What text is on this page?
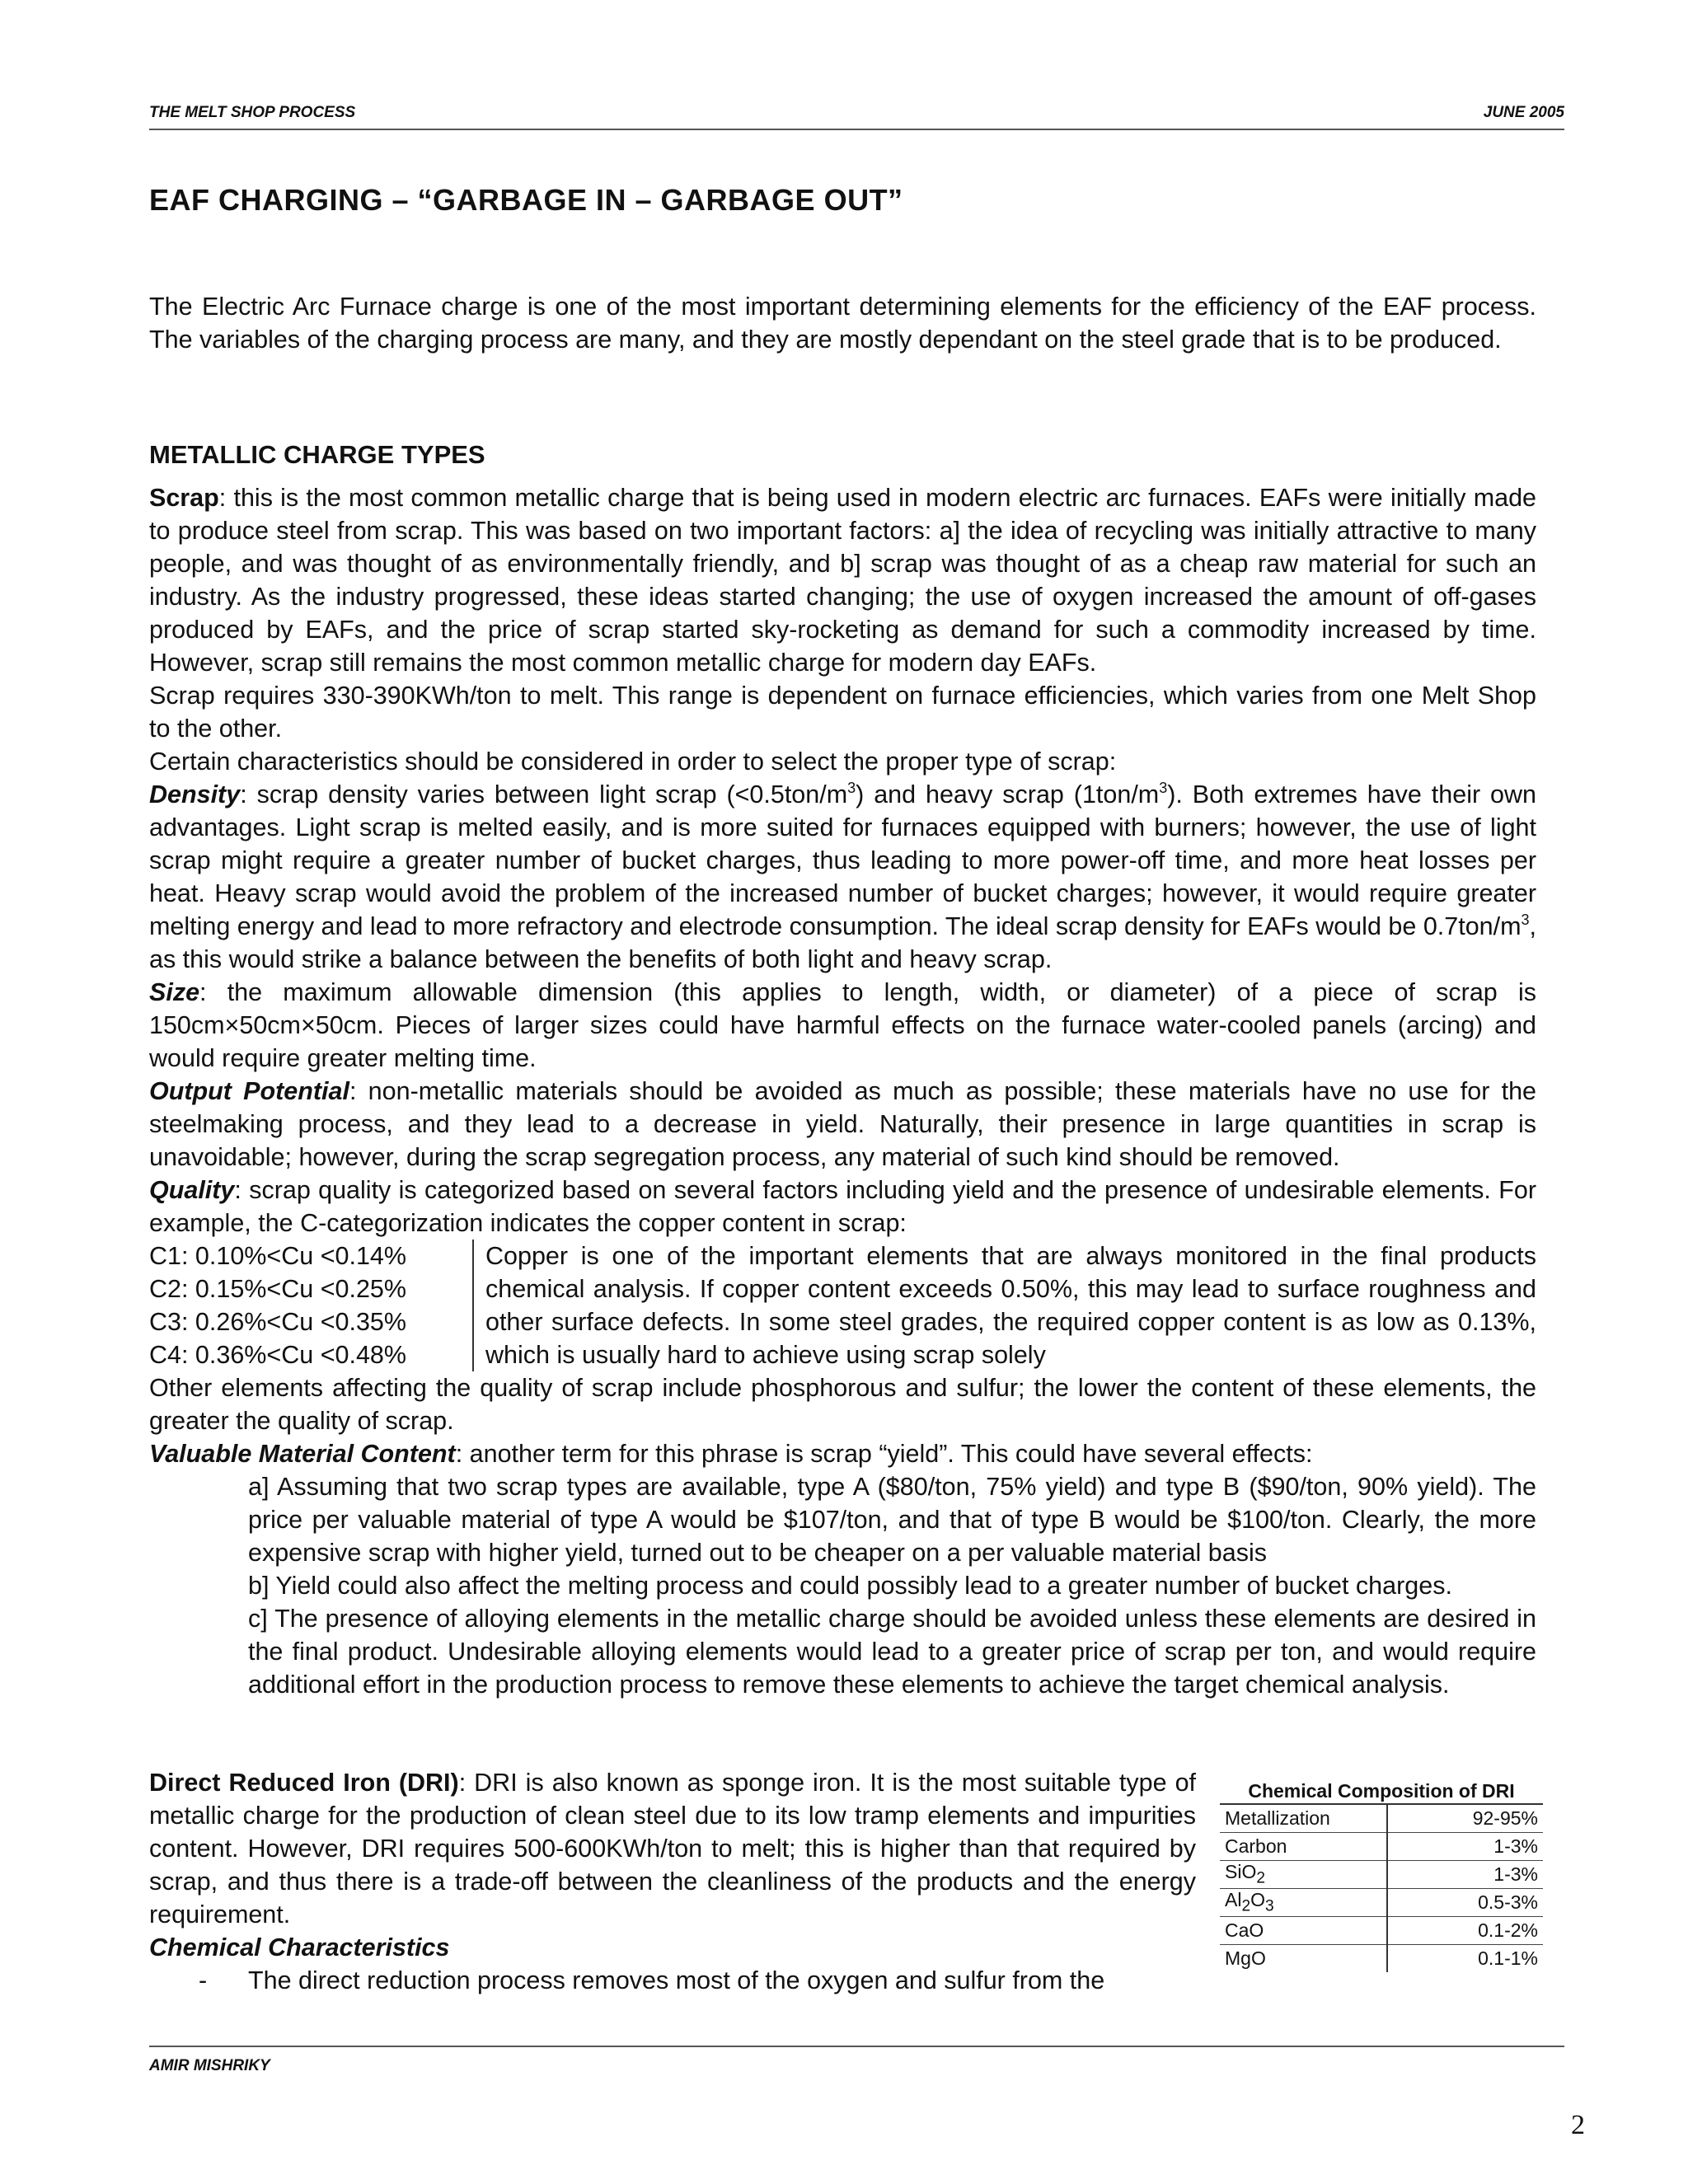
THE MELT SHOP PROCESS	JUNE 2005
EAF CHARGING – “GARBAGE IN – GARBAGE OUT”

The Electric Arc Furnace charge is one of the most important determining elements for the efficiency of the EAF process. The variables of the charging process are many, and they are mostly dependant on the steel grade that is to be produced.

METALLIC CHARGE TYPES

Scrap: this is the most common metallic charge that is being used in modern electric arc furnaces. EAFs were initially made to produce steel from scrap. This was based on two important factors: a] the idea of recycling was initially attractive to many people, and was thought of as environmentally friendly, and b] scrap was thought of as a cheap raw material for such an industry. As the industry progressed, these ideas started changing; the use of oxygen increased the amount of off-gases produced by EAFs, and the price of scrap started sky-rocketing as demand for such a commodity increased by time. However, scrap still remains the most common metallic charge for modern day EAFs.

Scrap requires 330-390KWh/ton to melt. This range is dependent on furnace efficiencies, which varies from one Melt Shop to the other.

Certain characteristics should be considered in order to select the proper type of scrap:

Density: scrap density varies between light scrap $(<0.5ton/m^3)$ and heavy scrap $(1ton/m^3)$. Both extremes have their own advantages. Light scrap is melted easily, and is more suited for furnaces equipped with burners; however, the use of light scrap might require a greater number of bucket charges, thus leading to more power-off time, and more heat losses per heat. Heavy scrap would avoid the problem of the increased number of bucket charges; however, it would require greater melting energy and lead to more refractory and electrode consumption. The ideal scrap density for EAFs would be $0.7ton/m^3$, as this would strike a balance between the benefits of both light and heavy scrap.

Size: the maximum allowable dimension (this applies to length, width, or diameter) of a piece of scrap is 150cm×50cm×50cm. Pieces of larger sizes could have harmful effects on the furnace water-cooled panels (arcing) and would require greater melting time.

Output Potential: non-metallic materials should be avoided as much as possible; these materials have no use for the steelmaking process, and they lead to a decrease in yield. Naturally, their presence in large quantities in scrap is unavoidable; however, during the scrap segregation process, any material of such kind should be removed.

Quality: scrap quality is categorized based on several factors including yield and the presence of undesirable elements. For example, the C-categorization indicates the copper content in scrap:

C1: 0.10%<Cu <0.14%
C2: 0.15%<Cu <0.25%
C3: 0.26%<Cu <0.35%
C4: 0.36%<Cu <0.48%

Copper is one of the important elements that are always monitored in the final products chemical analysis. If copper content exceeds 0.50%, this may lead to surface roughness and other surface defects. In some steel grades, the required copper content is as low as 0.13%, which is usually hard to achieve using scrap solely

Other elements affecting the quality of scrap include phosphorous and sulfur; the lower the content of these elements, the greater the quality of scrap.

Valuable Material Content: another term for this phrase is scrap “yield”. This could have several effects:

a] Assuming that two scrap types are available, type A ($80/ton, 75% yield) and type B ($90/ton, 90% yield). The price per valuable material of type A would be $107/ton, and that of type B would be $100/ton. Clearly, the more expensive scrap with higher yield, turned out to be cheaper on a per valuable material basis

b] Yield could also affect the melting process and could possibly lead to a greater number of bucket charges.

c] The presence of alloying elements in the metallic charge should be avoided unless these elements are desired in the final product. Undesirable alloying elements would lead to a greater price of scrap per ton, and would require additional effort in the production process to remove these elements to achieve the target chemical analysis.

Direct Reduced Iron (DRI): DRI is also known as sponge iron. It is the most suitable type of metallic charge for the production of clean steel due to its low tramp elements and impurities content. However, DRI requires 500-600KWh/ton to melt; this is higher than that required by scrap, and thus there is a trade-off between the cleanliness of the products and the energy requirement.

Chemical Characteristics

-	The direct reduction process removes most of the oxygen and sulfur from the
Chemical Composition of DRI
Metallization	92-95%
Carbon	1-3%
SiO$_2$	1-3%
$Al_2O_3$	0.5-3%
CaO	0.1-2%
MgO	0.1-1%
AMIR MISHRIKY
2
